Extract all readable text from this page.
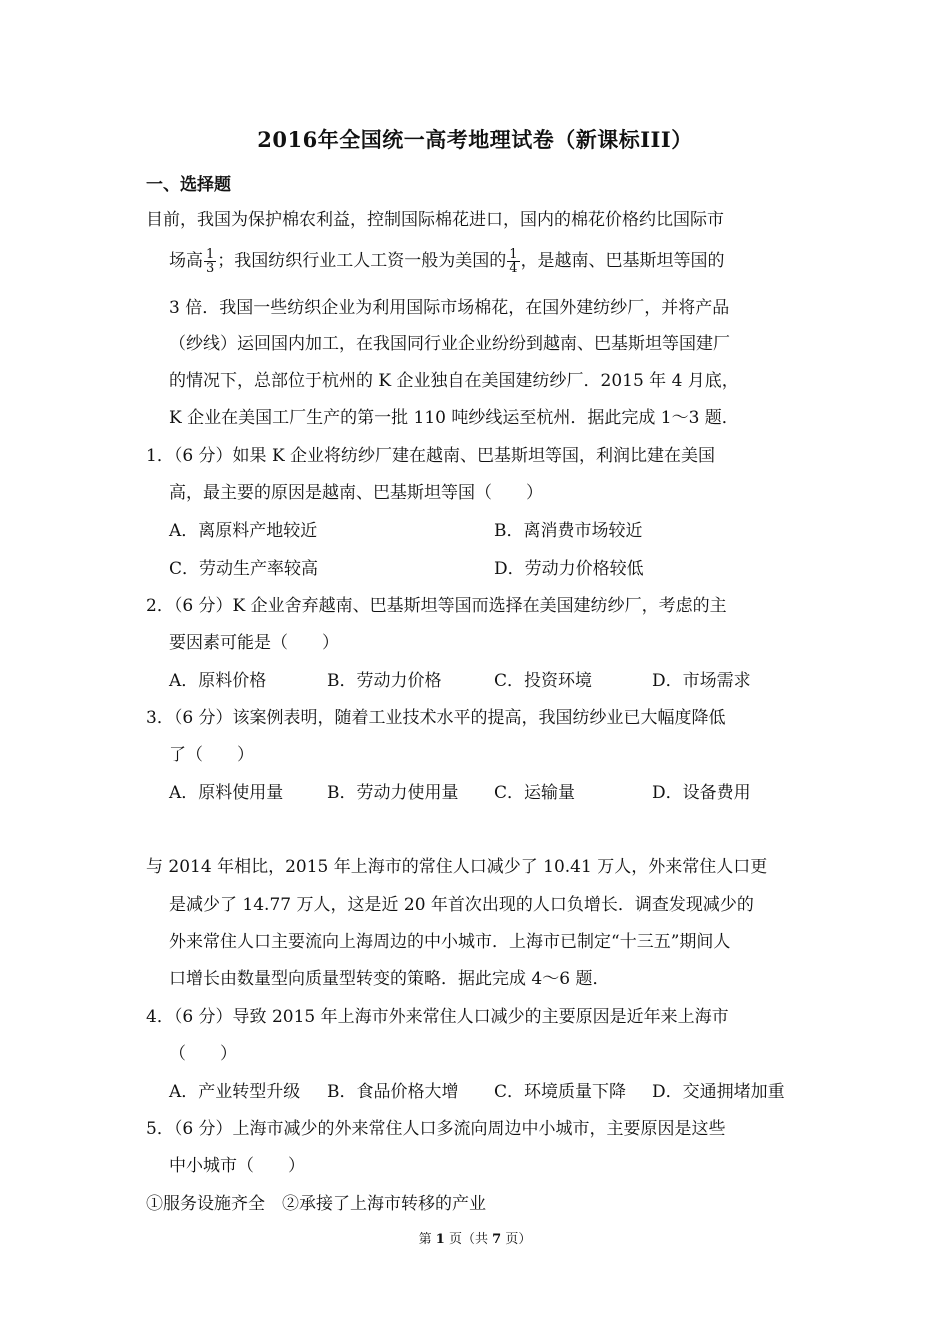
2016年全国统一高考地理试卷（新课标III）
一、选择题
目前，我国为保护棉农利益，控制国际棉花进口，国内的棉花价格约比国际市
场高 $\frac{1}{3}$ ；我国纺织行业工人工资一般为美国的 $\frac{1}{4}$ ，是越南、巴基斯坦等国的
3 倍．我国一些纺织企业为利用国际市场棉花，在国外建纺纱厂，并将产品
（纱线）运回国内加工，在我国同行业企业纷纷到越南、巴基斯坦等国建厂
的情况下，总部位于杭州的 K 企业独自在美国建纺纱厂．2015 年 4 月底，
K 企业在美国工厂生产的第一批 110 吨纱线运至杭州．据此完成 1～3 题．
1．（6 分）如果 K 企业将纺纱厂建在越南、巴基斯坦等国，利润比建在美国
高，最主要的原因是越南、巴基斯坦等国（　　）
A．离原料产地较近	B．离消费市场较近
C．劳动生产率较高	D．劳动力价格较低
2．（6 分）K 企业舍弃越南、巴基斯坦等国而选择在美国建纺纱厂，考虑的主
要因素可能是（　　）
A．原料价格	B．劳动力价格	C．投资环境	D．市场需求
3．（6 分）该案例表明，随着工业技术水平的提高，我国纺纱业已大幅度降低
了（　　）
A．原料使用量	B．劳动力使用量 C．运输量	D．设备费用
与 2014 年相比，2015 年上海市的常住人口减少了 10.41 万人，外来常住人口更
是减少了 14.77 万人，这是近 20 年首次出现的人口负增长．调查发现减少的
外来常住人口主要流向上海周边的中小城市．上海市已制定“十三五”期间人
口增长由数量型向质量型转变的策略．据此完成 4～6 题．
4．（6 分）导致 2015 年上海市外来常住人口减少的主要原因是近年来上海市
（　　）
A．产业转型升级 B．食品价格大增 C．环境质量下降 D．交通拥堵加重
5．（6 分）上海市减少的外来常住人口多流向周边中小城市，主要原因是这些
中小城市（　　）
①服务设施齐全　②承接了上海市转移的产业
第 1 页（共 7 页）
